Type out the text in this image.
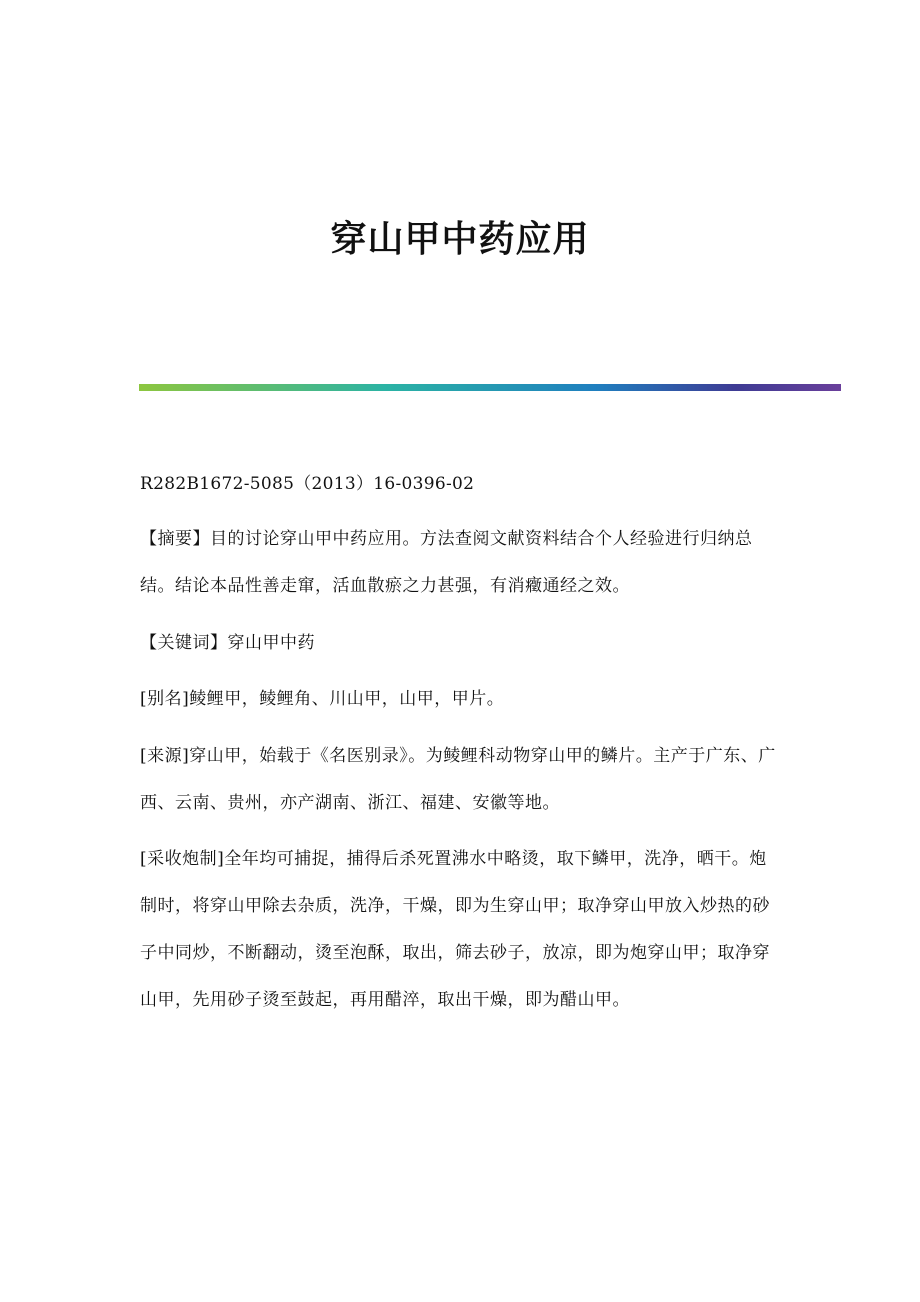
穿山甲中药应用
R282B1672-5085（2013）16-0396-02

【摘要】目的讨论穿山甲中药应用。方法查阅文献资料结合个人经验进行归纳总结。结论本品性善走窜，活血散瘀之力甚强，有消癥通经之效。

【关键词】穿山甲中药

[别名]鲮鲤甲，鲮鲤角、川山甲，山甲，甲片。

[来源]穿山甲，始载于《名医别录》。为鲮鲤科动物穿山甲的鳞片。主产于广东、广西、云南、贵州，亦产湖南、浙江、福建、安徽等地。

[采收炮制]全年均可捕捉，捕得后杀死置沸水中略烫，取下鳞甲，洗净，晒干。炮制时，将穿山甲除去杂质，洗净，干燥，即为生穿山甲；取净穿山甲放入炒热的砂子中同炒，不断翻动，烫至泡酥，取出，筛去砂子，放凉，即为炮穿山甲；取净穿山甲，先用砂子烫至鼓起，再用醋淬，取出干燥，即为醋山甲。
